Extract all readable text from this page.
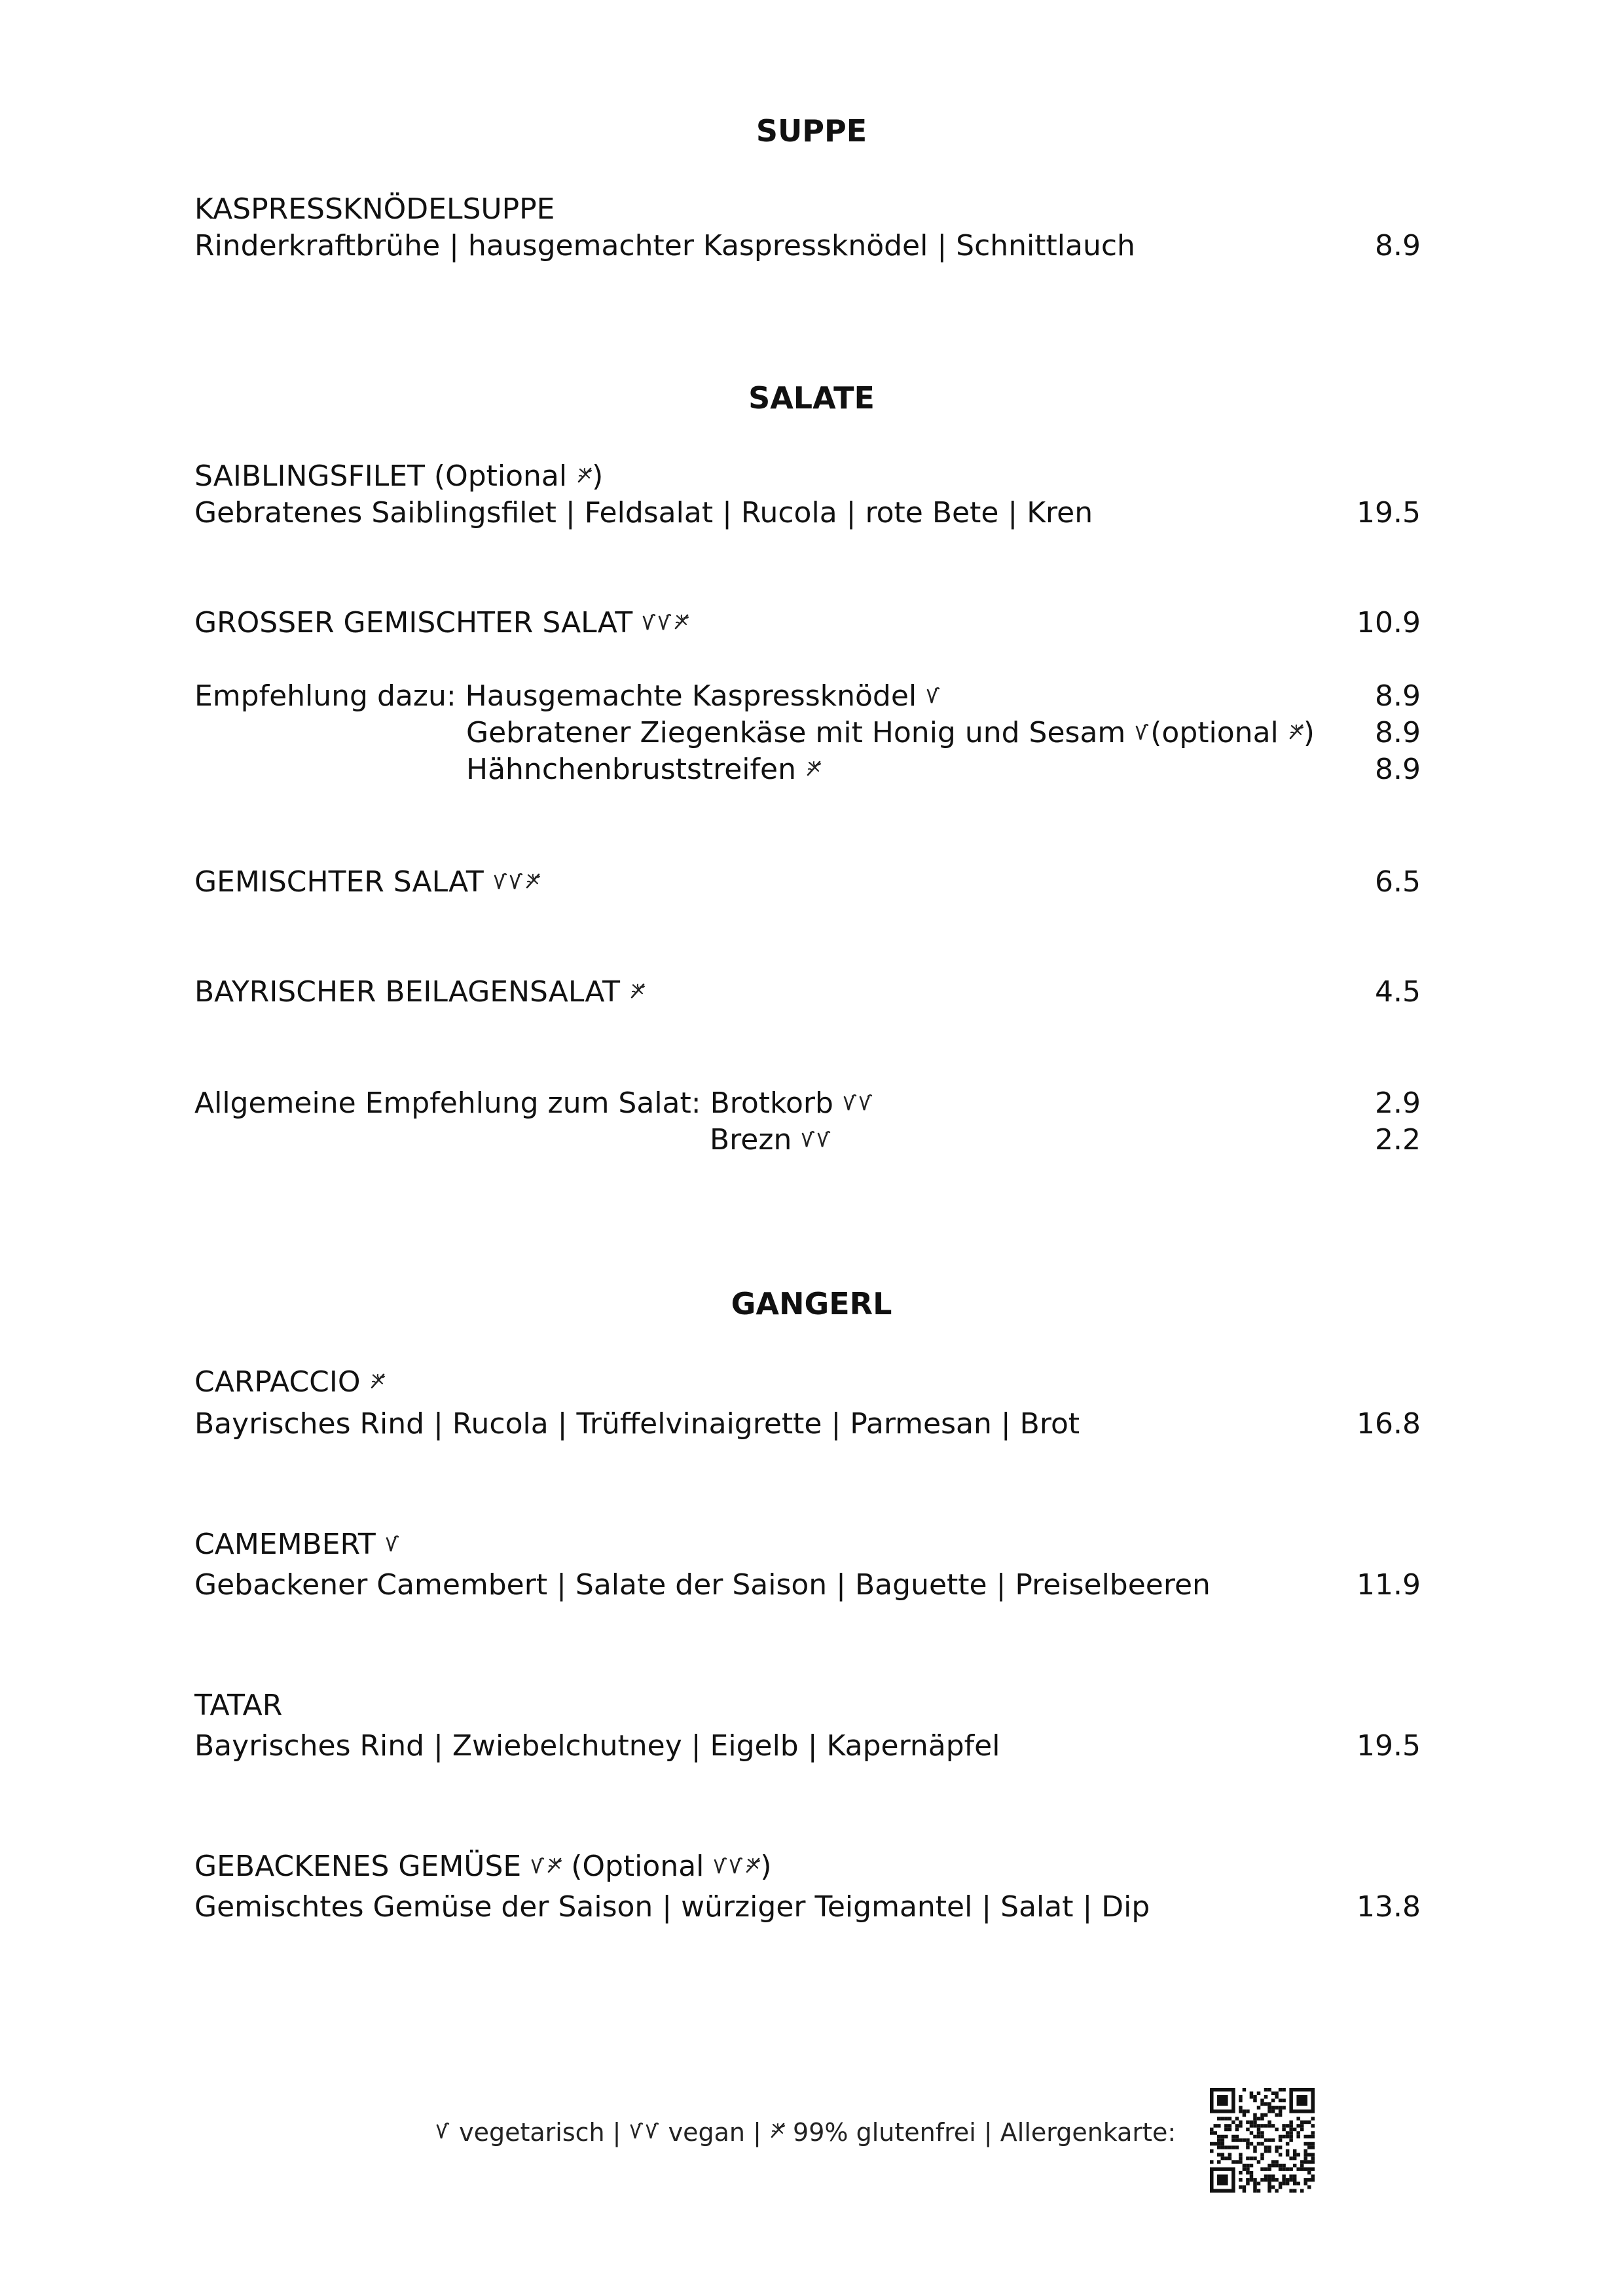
SUPPE
KASPRESSKNÖDELSUPPE
Rinderkraftbrühe | hausgemachter Kaspressknödel | Schnittlauch	8.9
SALATE
SAIBLINGSFILET (Optional )
Gebratenes Saiblingsfilet | Feldsalat | Rucola | rote Bete | Kren	19.5
GROSSER GEMISCHTER SALAT	10.9
Empfehlung dazu: Hausgemachte Kaspressknödel	8.9
Gebratener Ziegenkäse mit Honig und Sesam (optional ) 8.9
Hähnchenbruststreifen	8.9
GEMISCHTER SALAT	6.5
BAYRISCHER BEILAGENSALAT	4.5
Allgemeine Empfehlung zum Salat: Brotkorb	2.9
Brezn	2.2
GANGERL
CARPACCIO
Bayrisches Rind | Rucola | Trüffelvinaigrette | Parmesan | Brot	16.8
CAMEMBERT
Gebackener Camembert | Salate der Saison | Baguette | Preiselbeeren	11.9
TATAR
Bayrisches Rind | Zwiebelchutney | Eigelb | Kapernäpfel	19.5
GEBACKENES GEMÜSE  (Optional )
Gemischtes Gemüse der Saison | würziger Teigmantel | Salat | Dip	13.8
vegetarisch |  vegan |  99% glutenfrei | Allergenkarte:
